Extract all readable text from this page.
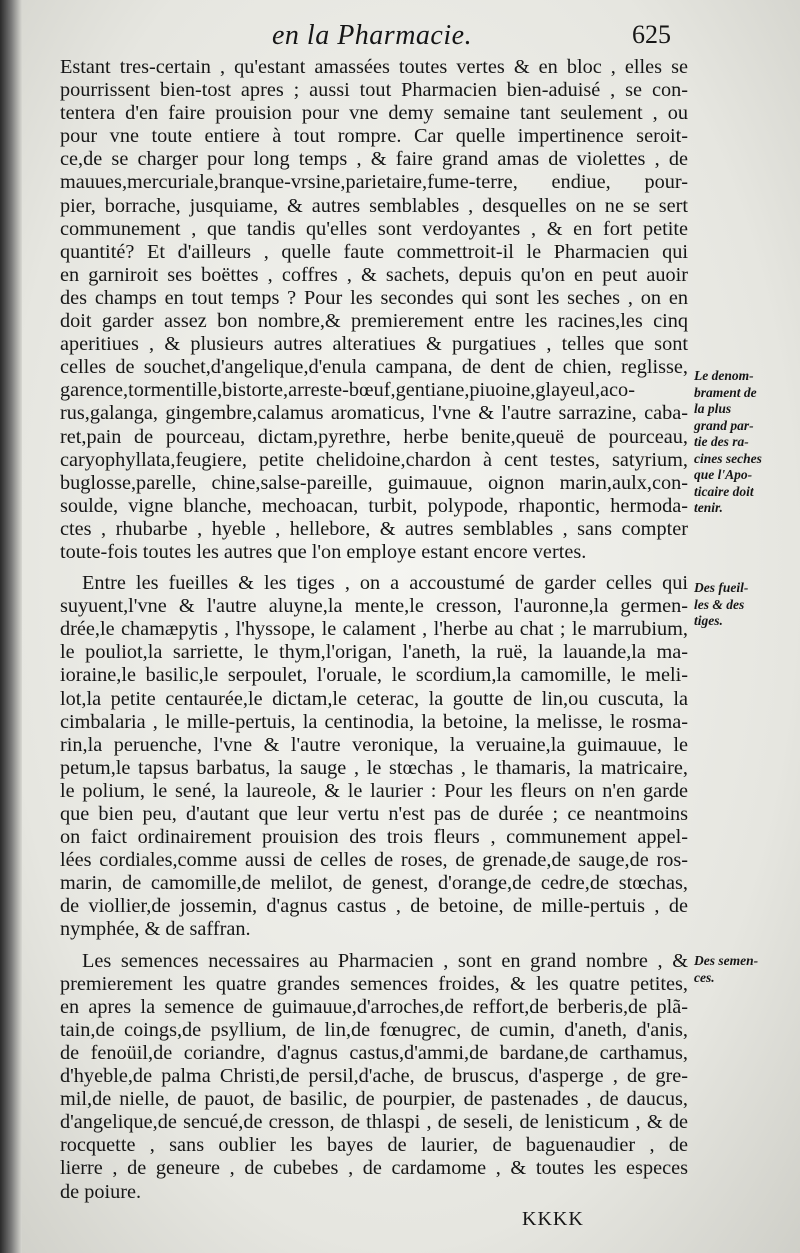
en la Pharmacie.	625
Estant tres-certain , qu'estant amassées toutes vertes & en bloc , elles se
pourrissent bien-tost apres ; aussi tout Pharmacien bien-aduisé , se con-
tentera d'en faire prouision pour vne demy semaine tant seulement , ou
pour vne toute entiere à tout rompre. Car quelle impertinence seroit-
ce,de se charger pour long temps , & faire grand amas de violettes , de
mauues,mercuriale,branque-vrsine,parietaire,fume-terre, endiue, pour-
pier, borrache, jusquiame, & autres semblables , desquelles on ne se sert
communement , que tandis qu'elles sont verdoyantes , & en fort petite
quantité? Et d'ailleurs , quelle faute commettroit-il le Pharmacien qui
en garniroit ses boëttes , coffres , & sachets, depuis qu'on en peut auoir
des champs en tout temps ? Pour les secondes qui sont les seches , on en
doit garder assez bon nombre,& premierement entre les racines,les cinq
aperitiues , & plusieurs autres alteratiues & purgatiues , telles que sont
celles de souchet,d'angelique,d'enula campana, de dent de chien, reglisse,
garence,tormentille,bistorte,arreste-bœuf,gentiane,piuoine,glayeul,aco-
rus,galanga, gingembre,calamus aromaticus, l'vne & l'autre sarrazine, caba-
ret,pain de pourceau, dictam,pyrethre, herbe benite,queuë de pourceau,
caryophyllata,feugiere, petite chelidoine,chardon à cent testes, satyrium,
buglosse,parelle, chine,salse-pareille, guimauue, oignon marin,aulx,con-
soulde, vigne blanche, mechoacan, turbit, polypode, rhapontic, hermoda-
ctes , rhubarbe , hyeble , hellebore, & autres semblables , sans compter
toute-fois toutes les autres que l'on employe estant encore vertes.
Entre les fueilles & les tiges , on a accoustumé de garder celles qui
suyuent,l'vne & l'autre aluyne,la mente,le cresson, l'auronne,la germen-
drée,le chamæpytis , l'hyssope, le calament , l'herbe au chat ; le marrubium,
le pouliot,la sarriette, le thym,l'origan, l'aneth, la ruë, la lauande,la ma-
ioraine,le basilic,le serpoulet, l'oruale, le scordium,la camomille, le meli-
lot,la petite centaurée,le dictam,le ceterac, la goutte de lin,ou cuscuta, la
cimbalaria , le mille-pertuis, la centinodia, la betoine, la melisse, le rosma-
rin,la peruenche, l'vne & l'autre veronique, la veruaine,la guimauue, le
petum,le tapsus barbatus, la sauge , le stœchas , le thamaris, la matricaire,
le polium, le sené, la laureole, & le laurier : Pour les fleurs on n'en garde
que bien peu, d'autant que leur vertu n'est pas de durée ; ce neantmoins
on faict ordinairement prouision des trois fleurs , communement appel-
lées cordiales,comme aussi de celles de roses, de grenade,de sauge,de ros-
marin, de camomille,de melilot, de genest, d'orange,de cedre,de stœchas,
de viollier,de jossemin, d'agnus castus , de betoine, de mille-pertuis , de
nymphée, & de saffran.
Les semences necessaires au Pharmacien , sont en grand nombre , &
premierement les quatre grandes semences froides, & les quatre petites,
en apres la semence de guimauue,d'arroches,de reffort,de berberis,de plã-
tain,de coings,de psyllium, de lin,de fœnugrec, de cumin, d'aneth, d'anis,
de fenoüil,de coriandre, d'agnus castus,d'ammi,de bardane,de carthamus,
d'hyeble,de palma Christi,de persil,d'ache, de bruscus, d'asperge , de gre-
mil,de nielle, de pauot, de basilic, de pourpier, de pastenades , de daucus,
d'angelique,de sencué,de cresson, de thlaspi , de seseli, de lenisticum , & de
rocquette , sans oublier les bayes de laurier, de baguenaudier , de
lierre , de geneure , de cubebes , de cardamome , & toutes les especes
de poiure.
Le denom-
brament de
la plus
grand par-
tie des ra-
cines seches
que l'Apo-
ticaire doit
tenir.
Des fueil-
les & des
tiges.
Des semen-
ces.
KKKK
